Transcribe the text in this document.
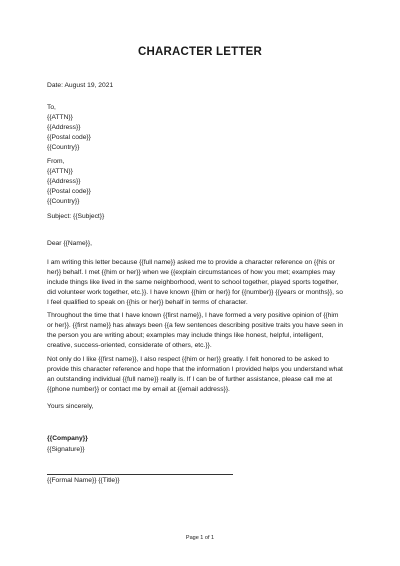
CHARACTER LETTER
Date: August 19, 2021
To,
{{ATTN}}
{{Address}}
{{Postal code}}
{{Country}}
From,
{{ATTN}}
{{Address}}
{{Postal code}}
{{Country}}
Subject: {{Subject}}
Dear {{Name}},
I am writing this letter because {{full name}} asked me to provide a character reference on {{his or
her}} behalf. I met {{him or her}} when we {{explain circumstances of how you met; examples may
include things like lived in the same neighborhood, went to school together, played sports together,
did volunteer work together, etc.}}. I have known {{him or her}} for {{number}} {{years or months}}, so
I feel qualified to speak on {{his or her}} behalf in terms of character.
Throughout the time that I have known {{first name}}, I have formed a very positive opinion of {{him
or her}}. {{first name}} has always been {{a few sentences describing positive traits you have seen in
the person you are writing about; examples may include things like honest, helpful, intelligent,
creative, success-oriented, considerate of others, etc.}}.
Not only do I like {{first name}}, I also respect {{him or her}} greatly. I felt honored to be asked to
provide this character reference and hope that the information I provided helps you understand what
an outstanding individual {{full name}} really is. If I can be of further assistance, please call me at
{{phone number}} or contact me by email at {{email address}}.
Yours sincerely,
{{Company}}
{{Signature}}
{{Formal Name}} {{Title}}
Page 1 of 1
